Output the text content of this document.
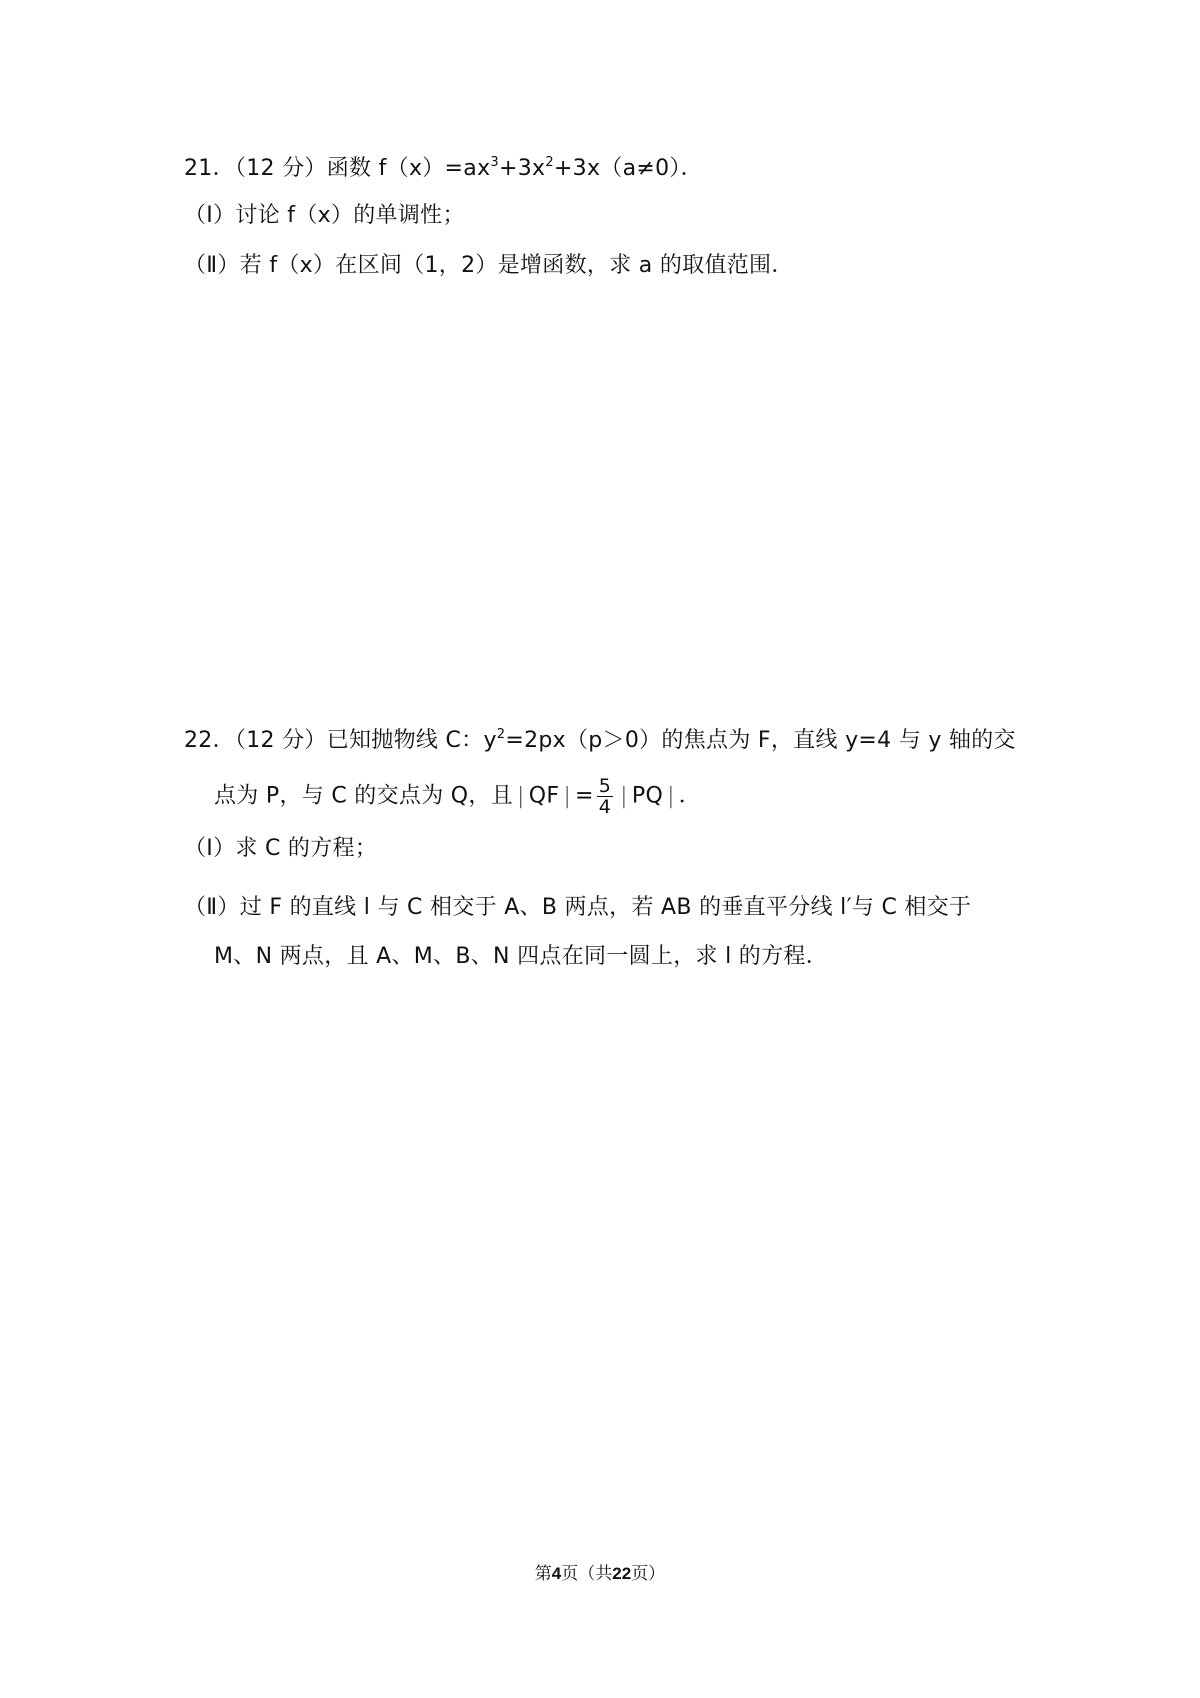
21．（12 分）函数 $f(x)=ax^3+3x^2+3x(a\ne 0)$．
（Ⅰ）讨论 f（x）的单调性；
（Ⅱ）若 f（x）在区间（1，2）是增函数，求 a 的取值范围．
22．（12 分）已知抛物线 C：$y^2=2px(p>0)$的焦点为 F，直线 y=4 与 y 轴的交
点为 P，与 C 的交点为 Q，且 | QF | = $\frac{5}{4}$ | PQ | ．
（Ⅰ）求 C 的方程；
（Ⅱ）过 F 的直线 l 与 C 相交于 A、B 两点，若 AB 的垂直平分线 l′与 C 相交于
M、N 两点，且 A、M、B、N 四点在同一圆上，求 l 的方程．
第4页（共22页）
